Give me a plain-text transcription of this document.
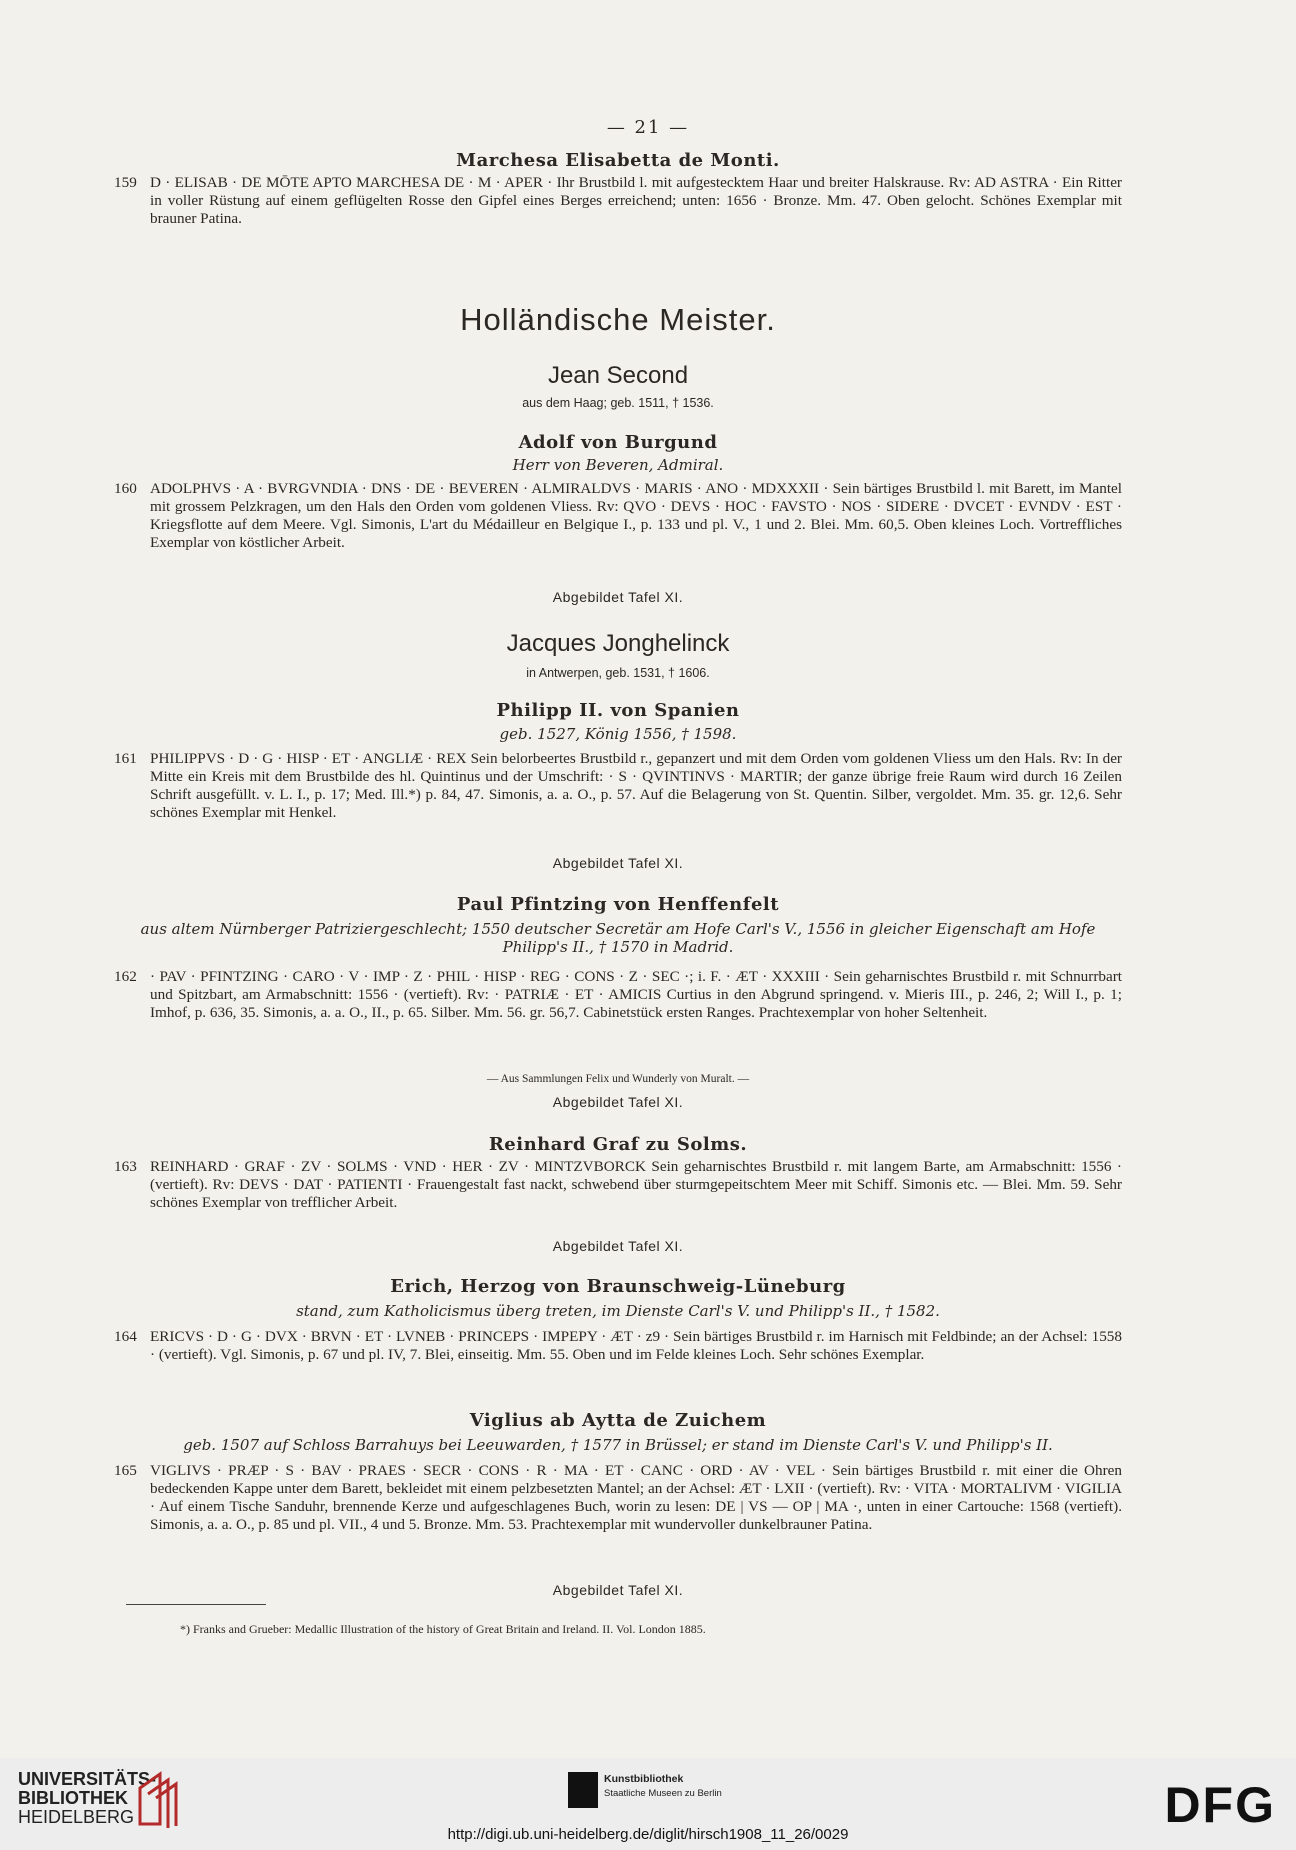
— 21 —
Marchesa Elisabetta de Monti.
159 D · ELISAB · DE MŌTE APTO MARCHESA DE · M · APER · Ihr Brustbild l. mit aufgestecktem Haar und breiter Halskrause. Rv: AD ASTRA · Ein Ritter in voller Rüstung auf einem geflügelten Rosse den Gipfel eines Berges erreichend; unten: 1656 · Bronze. Mm. 47. Oben gelocht. Schönes Exemplar mit brauner Patina.
Holländische Meister.
Jean Second
aus dem Haag; geb. 1511, † 1536.
Adolf von Burgund
Herr von Beveren, Admiral.
160 ADOLPHVS · A · BVRGVNDIA · DNS · DE · BEVEREN · ALMIRALDVS · MARIS · ANO · MDXXXII · Sein bärtiges Brustbild l. mit Barett, im Mantel mit grossem Pelzkragen, um den Hals den Orden vom goldenen Vliess. Rv: QVO · DEVS · HOC · FAVSTO · NOS · SIDERE · DVCET · EVNDV · EST · Kriegsflotte auf dem Meere. Vgl. Simonis, L'art du Médailleur en Belgique I., p. 133 und pl. V., 1 und 2. Blei. Mm. 60,5. Oben kleines Loch. Vortreffliches Exemplar von köstlicher Arbeit.
Abgebildet Tafel XI.
Jacques Jonghelinck
in Antwerpen, geb. 1531, † 1606.
Philipp II. von Spanien
geb. 1527, König 1556, † 1598.
161 PHILIPPVS · D · G · HISP · ET · ANGLIÆ · REX Sein belorbeertes Brustbild r., gepanzert und mit dem Orden vom goldenen Vliess um den Hals. Rv: In der Mitte ein Kreis mit dem Brustbilde des hl. Quintinus und der Umschrift: · S · QVINTINVS · MARTIR; der ganze übrige freie Raum wird durch 16 Zeilen Schrift ausgefüllt. v. L. I., p. 17; Med. Ill.*) p. 84, 47. Simonis, a. a. O., p. 57. Auf die Belagerung von St. Quentin. Silber, vergoldet. Mm. 35. gr. 12,6. Sehr schönes Exemplar mit Henkel.
Abgebildet Tafel XI.
Paul Pfintzing von Henffenfelt
aus altem Nürnberger Patriziergeschlecht; 1550 deutscher Secretär am Hofe Carl's V., 1556 in gleicher Eigenschaft am Hofe Philipp's II., † 1570 in Madrid.
162 · PAV · PFINTZING · CARO · V · IMP · Z · PHIL · HISP · REG · CONS · Z · SEC ·; i. F. · ÆT · XXXIII · Sein geharnischtes Brustbild r. mit Schnurrbart und Spitzbart, am Armabschnitt: 1556 · (vertieft). Rv: · PATRIÆ · ET · AMICIS Curtius in den Abgrund springend. v. Mieris III., p. 246, 2; Will I., p. 1; Imhof, p. 636, 35. Simonis, a. a. O., II., p. 65. Silber. Mm. 56. gr. 56,7. Cabinetstück ersten Ranges. Prachtexemplar von hoher Seltenheit.
— Aus Sammlungen Felix und Wunderly von Muralt. —
Abgebildet Tafel XI.
Reinhard Graf zu Solms.
163 REINHARD · GRAF · ZV · SOLMS · VND · HER · ZV · MINTZVBORCK Sein geharnischtes Brustbild r. mit langem Barte, am Armabschnitt: 1556 · (vertieft). Rv: DEVS · DAT · PATIENTI · Frauengestalt fast nackt, schwebend über sturmgepeitschtem Meer mit Schiff. Simonis etc. — Blei. Mm. 59. Sehr schönes Exemplar von trefflicher Arbeit.
Abgebildet Tafel XI.
Erich, Herzog von Braunschweig-Lüneburg
stand, zum Katholicismus überg treten, im Dienste Carl's V. und Philipp's II., † 1582.
164 ERICVS · D · G · DVX · BRVN · ET · LVNEB · PRINCEPS · IMPEPY · ÆT · z9 · Sein bärtiges Brustbild r. im Harnisch mit Feldbinde; an der Achsel: 1558 · (vertieft). Vgl. Simonis, p. 67 und pl. IV, 7. Blei, einseitig. Mm. 55. Oben und im Felde kleines Loch. Sehr schönes Exemplar.
Viglius ab Aytta de Zuichem
geb. 1507 auf Schloss Barrahuys bei Leeuwarden, † 1577 in Brüssel; er stand im Dienste Carl's V. und Philipp's II.
165 VIGLIVS · PRÆP · S · BAV · PRAES · SECR · CONS · R · MA · ET · CANC · ORD · AV · VEL · Sein bärtiges Brustbild r. mit einer die Ohren bedeckenden Kappe unter dem Barett, bekleidet mit einem pelzbesetzten Mantel; an der Achsel: ÆT · LXII · (vertieft). Rv: · VITA · MORTALIVM · VIGILIA · Auf einem Tische Sanduhr, brennende Kerze und aufgeschlagenes Buch, worin zu lesen: DE | VS — OP | MA ·, unten in einer Cartouche: 1568 (vertieft). Simonis, a. a. O., p. 85 und pl. VII., 4 und 5. Bronze. Mm. 53. Prachtexemplar mit wundervoller dunkelbrauner Patina.
Abgebildet Tafel XI.
*) Franks and Grueber: Medallic Illustration of the history of Great Britain and Ireland. II. Vol. London 1885.
UNIVERSITÄTS-
BIBLIOTHEK
HEIDELBERG
Kunstbibliothek
Staatliche Museen zu Berlin	DFG
http://digi.ub.uni-heidelberg.de/diglit/hirsch1908_11_26/0029
